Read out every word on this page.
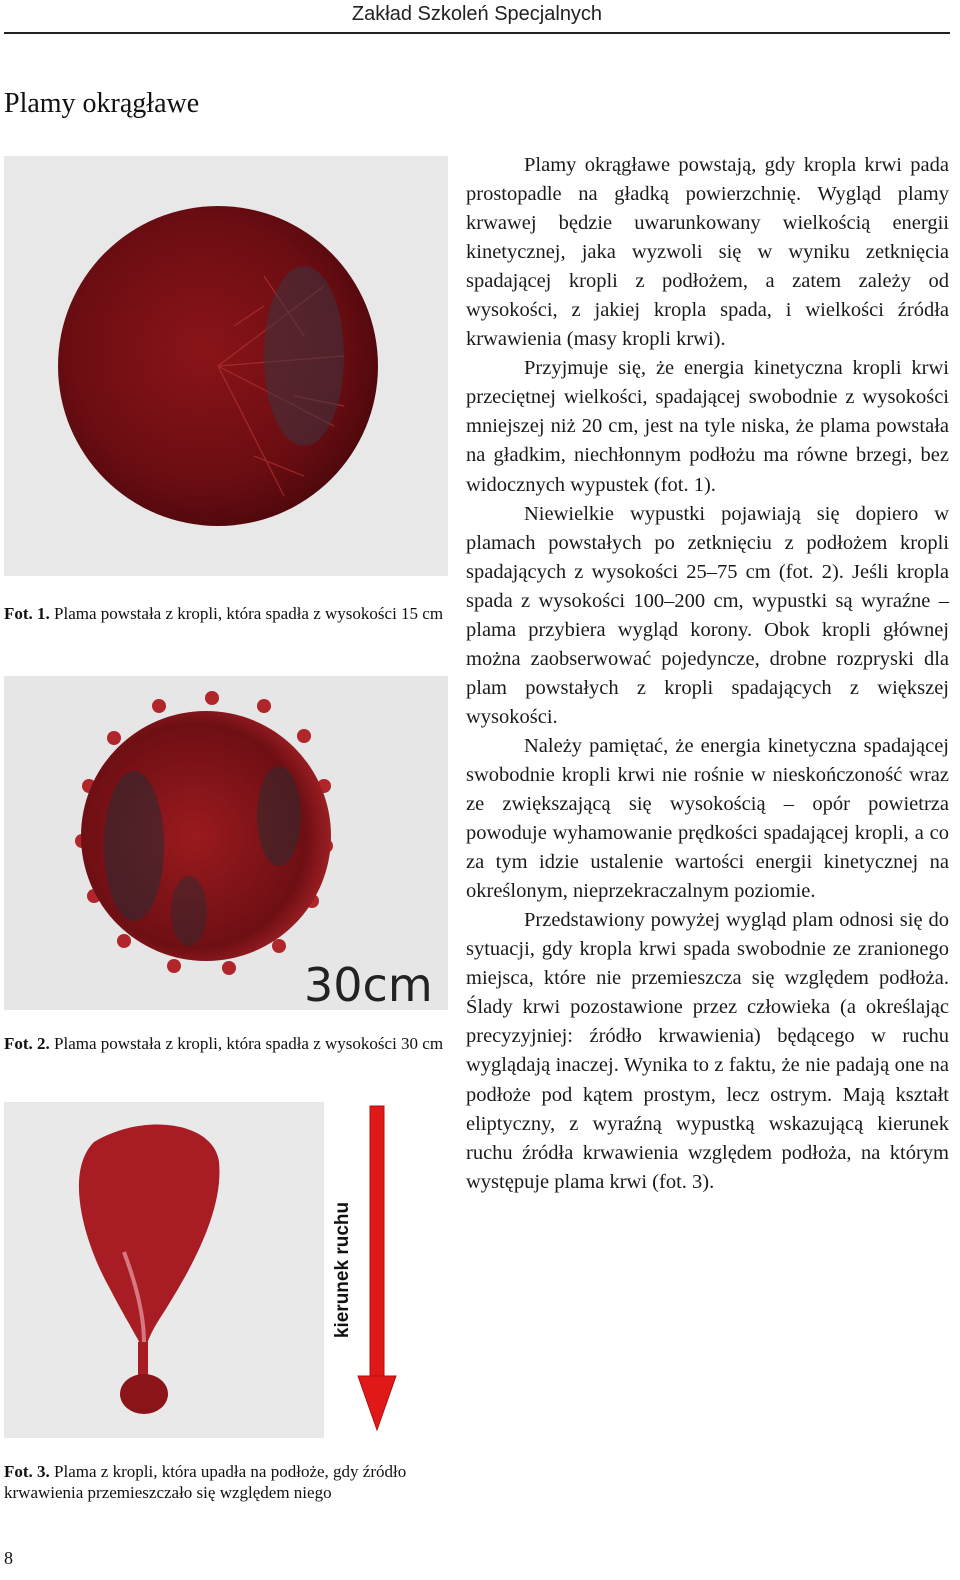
Zakład Szkoleń Specjalnych
Plamy okrągławe
Fot. 1. Plama powstała z kropli, która spadła z wysokości 15 cm
30cm
Fot. 2. Plama powstała z kropli, która spadła z wysokości 30 cm
kierunek ruchu
Fot. 3. Plama z kropli, która upadła na podłoże, gdy źródło krwawienia przemieszczało się względem niego

Plamy okrągławe powstają, gdy kropla krwi pada prostopadle na gładką powierzchnię. Wygląd plamy krwawej będzie uwarunkowany wielkością energii kinetycznej, jaka wyzwoli się w wyniku zetknięcia spadającej kropli z podłożem, a zatem zależy od wysokości, z jakiej kropla spada, i wielkości źródła krwawienia (masy kropli krwi).

Przyjmuje się, że energia kinetyczna kropli krwi przeciętnej wielkości, spadającej swobodnie z wysokości mniejszej niż 20 cm, jest na tyle niska, że plama powstała na gładkim, niechłonnym podłożu ma równe brzegi, bez widocznych wypustek (fot. 1).

Niewielkie wypustki pojawiają się dopiero w plamach powstałych po zetknięciu z podłożem kropli spadających z wysokości 25–75 cm (fot. 2). Jeśli kropla spada z wysokości 100–200 cm, wypustki są wyraźne – plama przybiera wygląd korony. Obok kropli głównej można zaobserwować pojedyncze, drobne rozpryski dla plam powstałych z kropli spadających z większej wysokości.

Należy pamiętać, że energia kinetyczna spadającej swobodnie kropli krwi nie rośnie w nieskończoność wraz ze zwiększającą się wysokością – opór powietrza powoduje wyhamowanie prędkości spadającej kropli, a co za tym idzie ustalenie wartości energii kinetycznej na określonym, nieprzekraczalnym poziomie.

Przedstawiony powyżej wygląd plam odnosi się do sytuacji, gdy kropla krwi spada swobodnie ze zranionego miejsca, które nie przemieszcza się względem podłoża. Ślady krwi pozostawione przez człowieka (a określając precyzyjniej: źródło krwawienia) będącego w ruchu wyglądają inaczej. Wynika to z faktu, że nie padają one na podłoże pod kątem prostym, lecz ostrym. Mają kształt eliptyczny, z wyraźną wypustką wskazującą kierunek ruchu źródła krwawienia względem podłoża, na którym występuje plama krwi (fot. 3).

8
